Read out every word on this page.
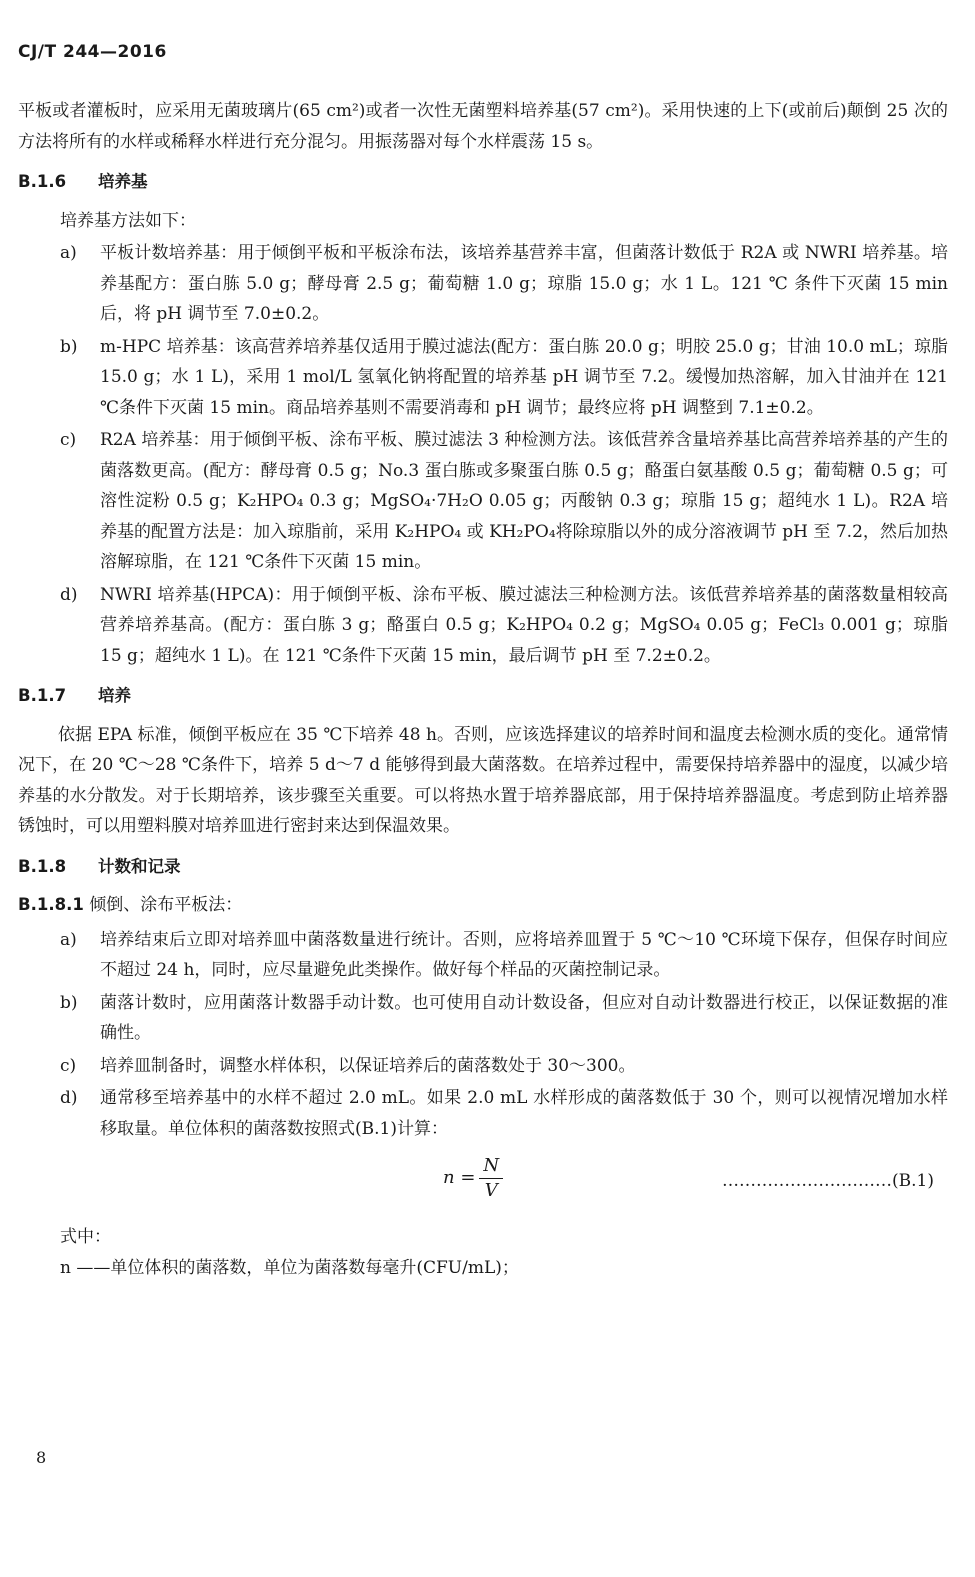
CJ/T 244—2016

平板或者灌板时，应采用无菌玻璃片(65 cm²)或者一次性无菌塑料培养基(57 cm²)。采用快速的上下(或前后)颠倒 25 次的方法将所有的水样或稀释水样进行充分混匀。用振荡器对每个水样震荡 15 s。

B.1.6 培养基

培养基方法如下：

a)	平板计数培养基：用于倾倒平板和平板涂布法，该培养基营养丰富，但菌落计数低于 R2A 或 NWRI 培养基。培养基配方：蛋白胨 5.0 g；酵母膏 2.5 g；葡萄糖 1.0 g；琼脂 15.0 g；水 1 L。121 ℃ 条件下灭菌 15 min 后，将 pH 调节至 7.0±0.2。
b)	m-HPC 培养基：该高营养培养基仅适用于膜过滤法(配方：蛋白胨 20.0 g；明胶 25.0 g；甘油 10.0 mL；琼脂 15.0 g；水 1 L)，采用 1 mol/L 氢氧化钠将配置的培养基 pH 调节至 7.2。缓慢加热溶解，加入甘油并在 121 ℃条件下灭菌 15 min。商品培养基则不需要消毒和 pH 调节；最终应将 pH 调整到 7.1±0.2。
c)	R2A 培养基：用于倾倒平板、涂布平板、膜过滤法 3 种检测方法。该低营养含量培养基比高营养培养基的产生的菌落数更高。(配方：酵母膏 0.5 g；No.3 蛋白胨或多聚蛋白胨 0.5 g；酪蛋白氨基酸 0.5 g；葡萄糖 0.5 g；可溶性淀粉 0.5 g；K₂HPO₄ 0.3 g；MgSO₄·7H₂O 0.05 g；丙酸钠 0.3 g；琼脂 15 g；超纯水 1 L)。R2A 培养基的配置方法是：加入琼脂前，采用 K₂HPO₄ 或 KH₂PO₄将除琼脂以外的成分溶液调节 pH 至 7.2，然后加热溶解琼脂，在 121 ℃条件下灭菌 15 min。
d)	NWRI 培养基(HPCA)：用于倾倒平板、涂布平板、膜过滤法三种检测方法。该低营养培养基的菌落数量相较高营养培养基高。(配方：蛋白胨 3 g；酪蛋白 0.5 g；K₂HPO₄ 0.2 g；MgSO₄ 0.05 g；FeCl₃ 0.001 g；琼脂 15 g；超纯水 1 L)。在 121 ℃条件下灭菌 15 min，最后调节 pH 至 7.2±0.2。
B.1.7 培养

依据 EPA 标准，倾倒平板应在 35 ℃下培养 48 h。否则，应该选择建议的培养时间和温度去检测水质的变化。通常情况下，在 20 ℃～28 ℃条件下，培养 5 d～7 d 能够得到最大菌落数。在培养过程中，需要保持培养器中的湿度，以减少培养基的水分散发。对于长期培养，该步骤至关重要。可以将热水置于培养器底部，用于保持培养器温度。考虑到防止培养器锈蚀时，可以用塑料膜对培养皿进行密封来达到保温效果。

B.1.8 计数和记录
B.1.8.1 倾倒、涂布平板法：
a)	培养结束后立即对培养皿中菌落数量进行统计。否则，应将培养皿置于 5 ℃～10 ℃环境下保存，但保存时间应不超过 24 h，同时，应尽量避免此类操作。做好每个样品的灭菌控制记录。
b)	菌落计数时，应用菌落计数器手动计数。也可使用自动计数设备，但应对自动计数器进行校正，以保证数据的准确性。
c)	培养皿制备时，调整水样体积，以保证培养后的菌落数处于 30～300。
d)	通常移至培养基中的水样不超过 2.0 mL。如果 2.0 mL 水样形成的菌落数低于 30 个，则可以视情况增加水样移取量。单位体积的菌落数按照式(B.1)计算：
$n = \frac{N}{V}$	…………………………(B.1)

式中：

n ——单位体积的菌落数，单位为菌落数每毫升(CFU/mL)；

8
